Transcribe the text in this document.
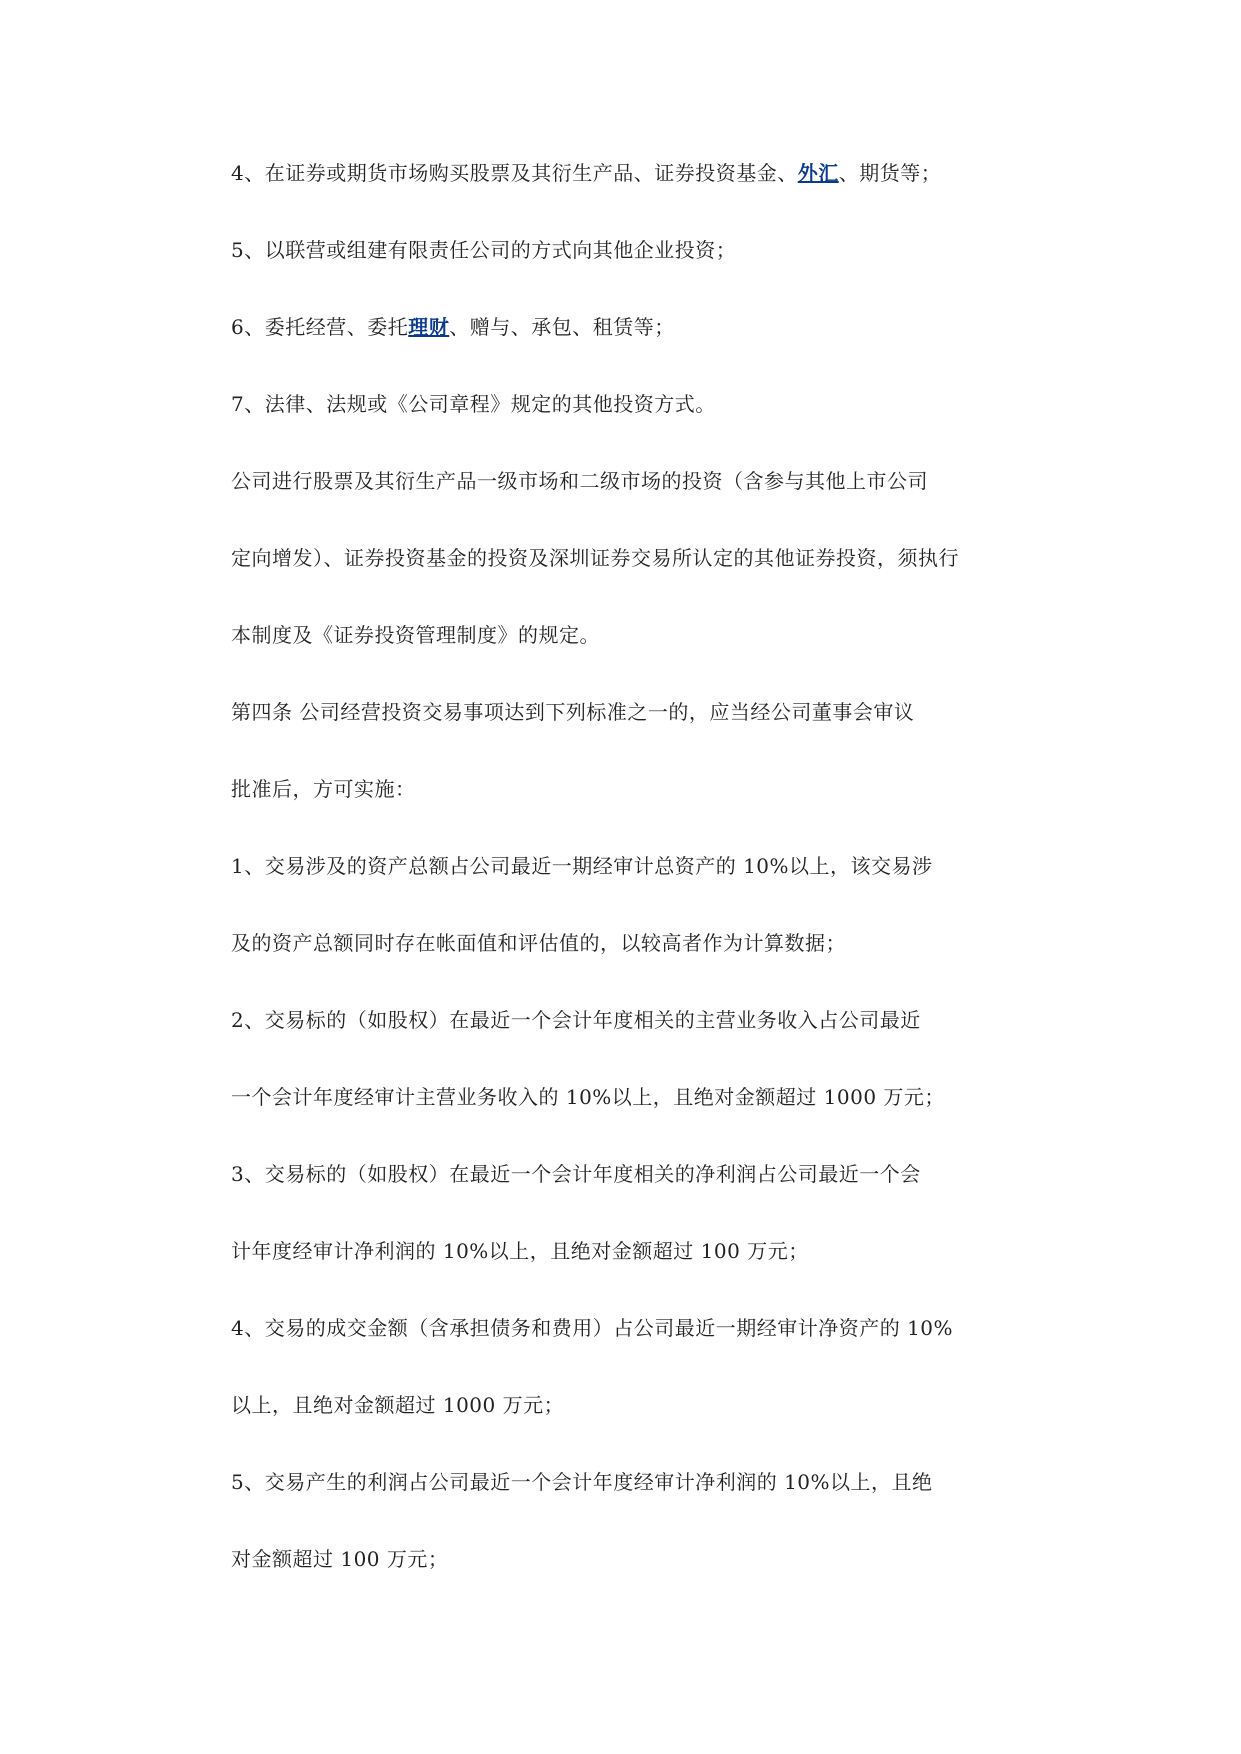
4、在证券或期货市场购买股票及其衍生产品、证券投资基金、外汇、期货等；
5、以联营或组建有限责任公司的方式向其他企业投资；
6、委托经营、委托理财、赠与、承包、租赁等；
7、法律、法规或《公司章程》规定的其他投资方式。
公司进行股票及其衍生产品一级市场和二级市场的投资（含参与其他上市公司
定向增发）、证券投资基金的投资及深圳证券交易所认定的其他证券投资，须执行
本制度及《证券投资管理制度》的规定。
第四条 公司经营投资交易事项达到下列标准之一的，应当经公司董事会审议
批准后，方可实施：
1、交易涉及的资产总额占公司最近一期经审计总资产的 10%以上，该交易涉
及的资产总额同时存在帐面值和评估值的，以较高者作为计算数据；
2、交易标的（如股权）在最近一个会计年度相关的主营业务收入占公司最近
一个会计年度经审计主营业务收入的 10%以上，且绝对金额超过 1000 万元；
3、交易标的（如股权）在最近一个会计年度相关的净利润占公司最近一个会
计年度经审计净利润的 10%以上，且绝对金额超过 100 万元；
4、交易的成交金额（含承担债务和费用）占公司最近一期经审计净资产的 10%
以上，且绝对金额超过 1000 万元；
5、交易产生的利润占公司最近一个会计年度经审计净利润的 10%以上，且绝
对金额超过 100 万元；
